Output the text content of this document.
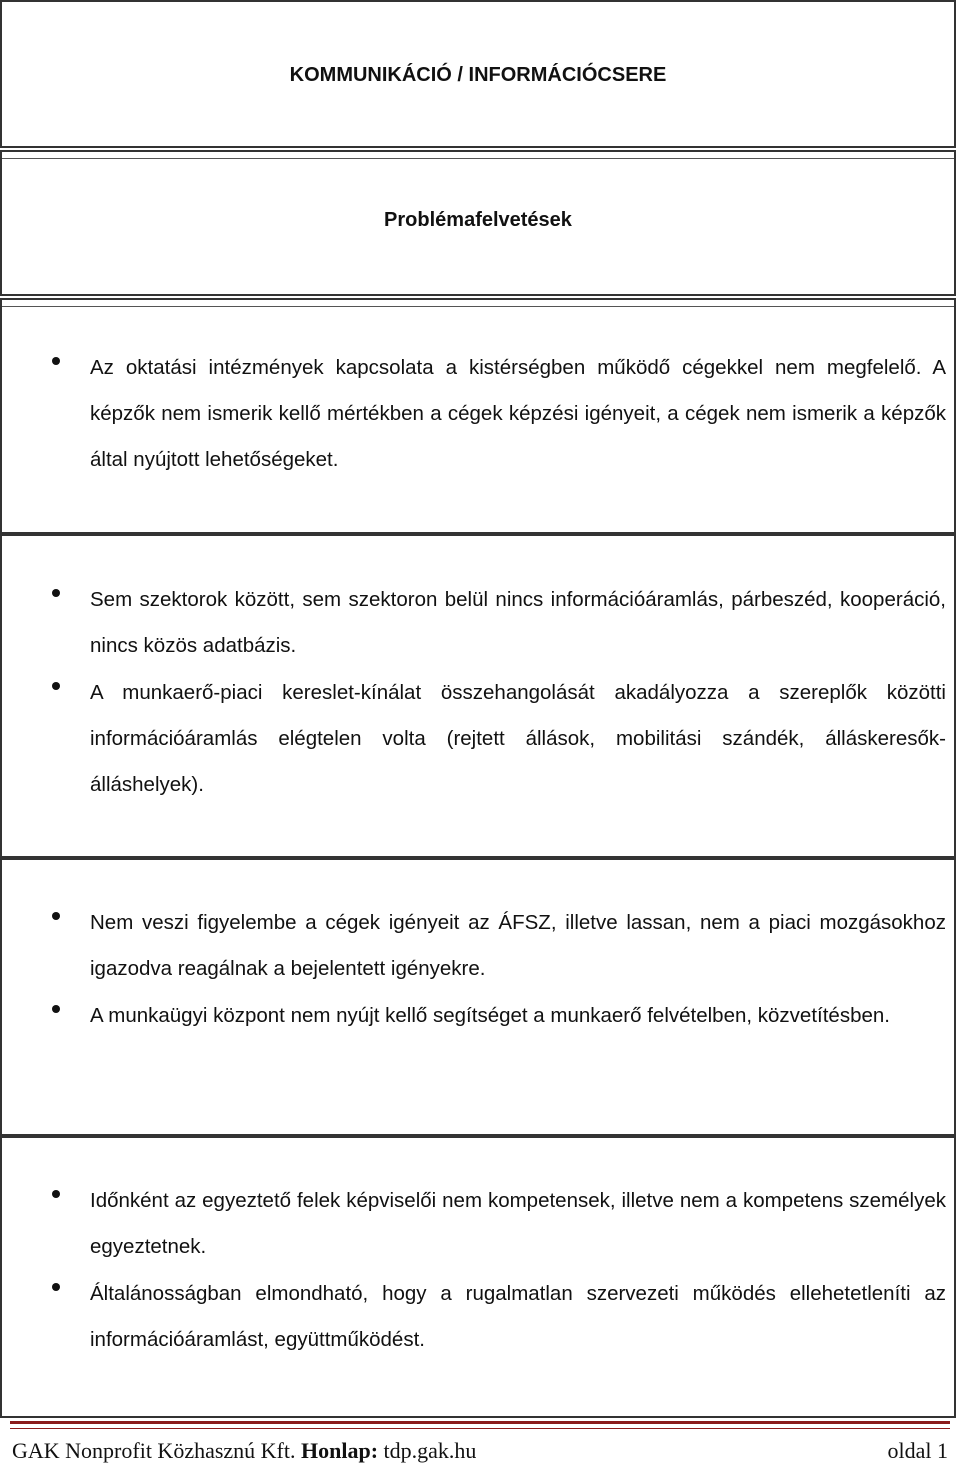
KOMMUNIKÁCIÓ / INFORMÁCIÓCSERE
Problémafelvetések
Az oktatási intézmények kapcsolata a kistérségben működő cégekkel nem megfelelő. A képzők nem ismerik kellő mértékben a cégek képzési igényeit, a cégek nem ismerik a képzők által nyújtott lehetőségeket.
Sem szektorok között, sem szektoron belül nincs információáramlás, párbeszéd, kooperáció, nincs közös adatbázis.
A munkaerő-piaci kereslet-kínálat összehangolását akadályozza a szereplők közötti információáramlás elégtelen volta (rejtett állások, mobilitási szándék, álláskeresők-álláshelyek).
Nem veszi figyelembe a cégek igényeit az ÁFSZ, illetve lassan, nem a piaci mozgásokhoz igazodva reagálnak a bejelentett igényekre.
A munkaügyi központ nem nyújt kellő segítséget a munkaerő felvételben, közvetítésben.
Időnként az egyeztető felek képviselői nem kompetensek, illetve nem a kompetens személyek egyeztetnek.
Általánosságban elmondható, hogy a rugalmatlan szervezeti működés ellehetetleníti az információáramlást, együttműködést.
GAK Nonprofit Közhasznú Kft. Honlap: tdp.gak.hu	oldal 1
